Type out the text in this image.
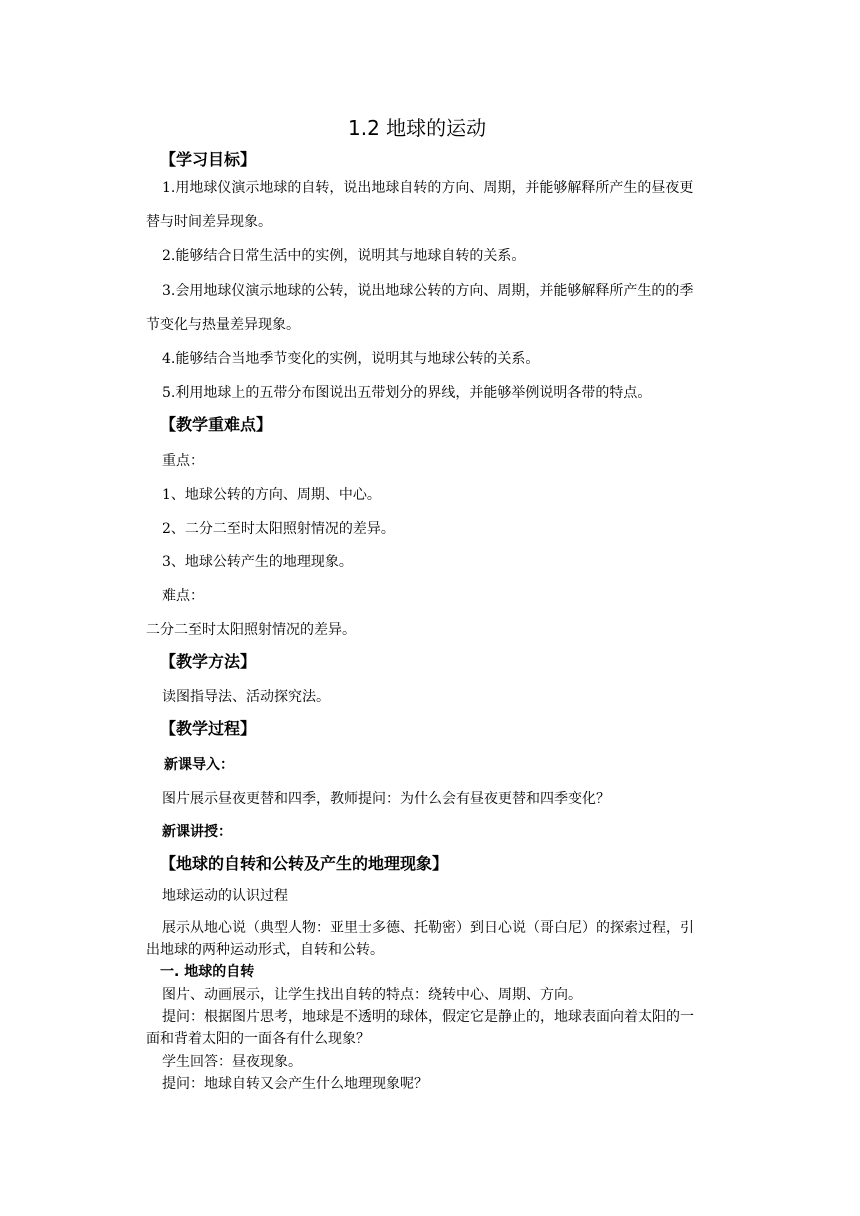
1.2 地球的运动
【学习目标】
1.用地球仪演示地球的自转，说出地球自转的方向、周期，并能够解释所产生的昼夜更
替与时间差异现象。
2.能够结合日常生活中的实例，说明其与地球自转的关系。
3.会用地球仪演示地球的公转，说出地球公转的方向、周期，并能够解释所产生的的季
节变化与热量差异现象。
4.能够结合当地季节变化的实例，说明其与地球公转的关系。
5.利用地球上的五带分布图说出五带划分的界线，并能够举例说明各带的特点。
【教学重难点】
重点：
1、地球公转的方向、周期、中心。
2、二分二至时太阳照射情况的差异。
3、地球公转产生的地理现象。
难点：
二分二至时太阳照射情况的差异。
【教学方法】
读图指导法、活动探究法。
【教学过程】
新课导入：
图片展示昼夜更替和四季，教师提问：为什么会有昼夜更替和四季变化？
新课讲授：
【地球的自转和公转及产生的地理现象】
地球运动的认识过程
展示从地心说（典型人物：亚里士多德、托勒密）到日心说（哥白尼）的探索过程，引
出地球的两种运动形式，自转和公转。
一. 地球的自转
图片、动画展示，让学生找出自转的特点：绕转中心、周期、方向。
提问：根据图片思考，地球是不透明的球体，假定它是静止的，地球表面向着太阳的一
面和背着太阳的一面各有什么现象？
学生回答：昼夜现象。
提问：地球自转又会产生什么地理现象呢？
